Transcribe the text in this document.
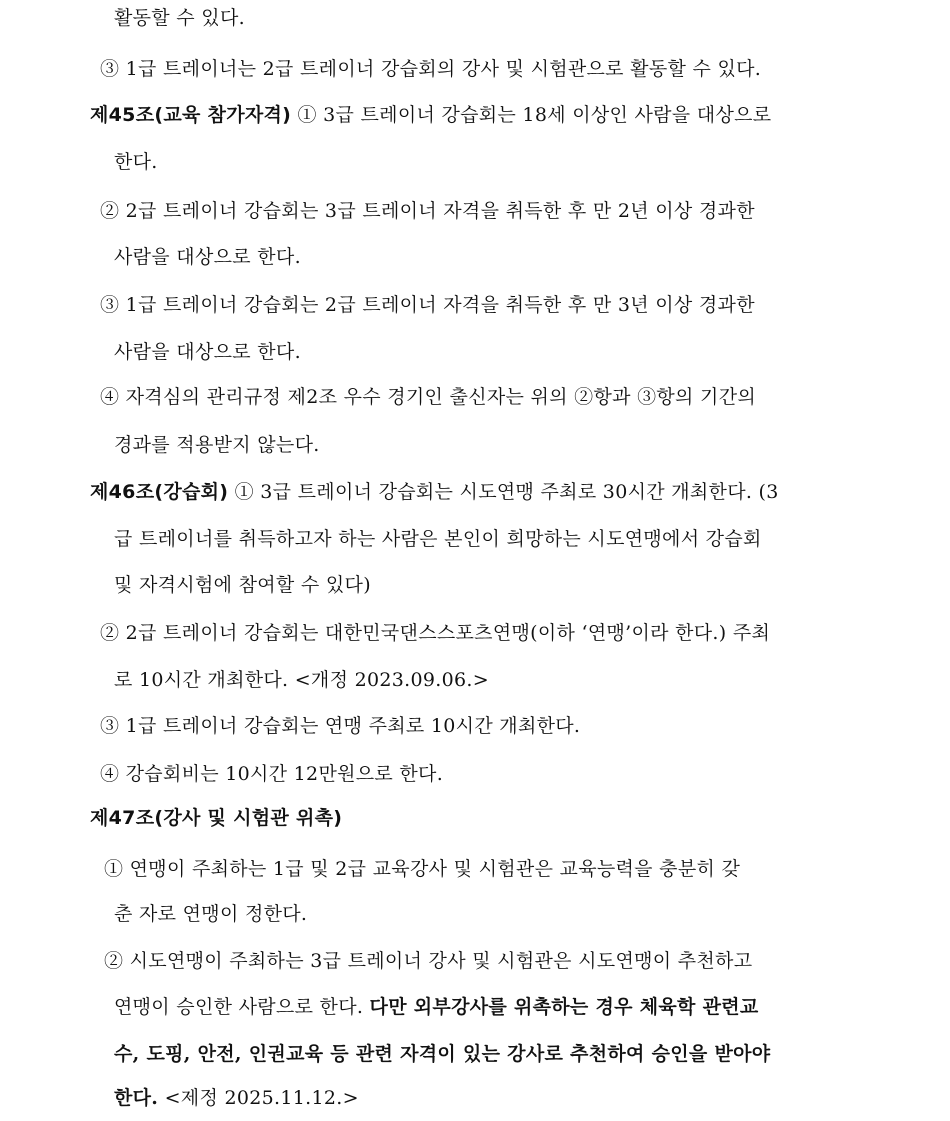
활동할 수 있다.
③ 1급 트레이너는 2급 트레이너 강습회의 강사 및 시험관으로 활동할 수 있다.
제45조(교육 참가자격) ① 3급 트레이너 강습회는 18세 이상인 사람을 대상으로
한다.
② 2급 트레이너 강습회는 3급 트레이너 자격을 취득한 후 만 2년 이상 경과한
사람을 대상으로 한다.
③ 1급 트레이너 강습회는 2급 트레이너 자격을 취득한 후 만 3년 이상 경과한
사람을 대상으로 한다.
④ 자격심의 관리규정 제2조 우수 경기인 출신자는 위의 ②항과 ③항의 기간의
경과를 적용받지 않는다.
제46조(강습회) ① 3급 트레이너 강습회는 시도연맹 주최로 30시간 개최한다. (3
급 트레이너를 취득하고자 하는 사람은 본인이 희망하는 시도연맹에서 강습회
및 자격시험에 참여할 수 있다)
② 2급 트레이너 강습회는 대한민국댄스스포츠연맹(이하 ‘연맹’이라 한다.) 주최
로 10시간 개최한다. <개정 2023.09.06.>
③ 1급 트레이너 강습회는 연맹 주최로 10시간 개최한다.
④ 강습회비는 10시간 12만원으로 한다.
제47조(강사 및 시험관 위촉)
① 연맹이 주최하는 1급 및 2급 교육강사 및 시험관은 교육능력을 충분히 갖
춘 자로 연맹이 정한다.
② 시도연맹이 주최하는 3급 트레이너 강사 및 시험관은 시도연맹이 추천하고
연맹이 승인한 사람으로 한다. 다만 외부강사를 위촉하는 경우 체육학 관련교
수, 도핑, 안전, 인권교육 등 관련 자격이 있는 강사로 추천하여 승인을 받아야
한다. <제정 2025.11.12.>
